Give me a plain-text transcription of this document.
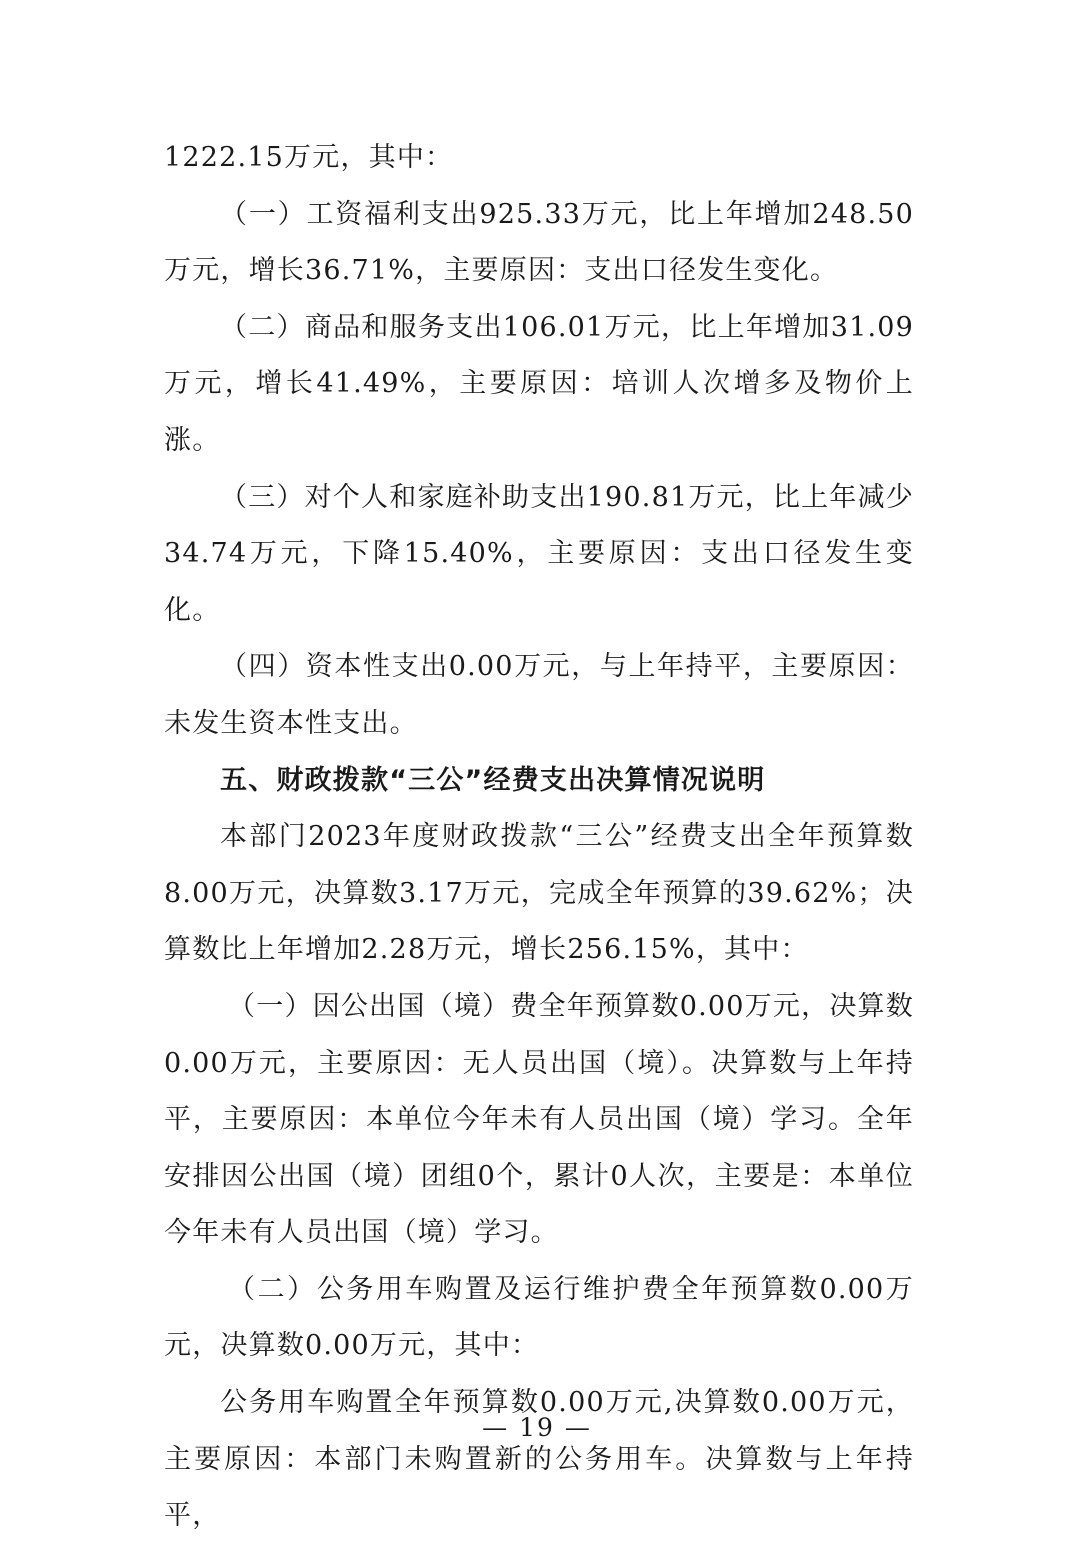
1222.15万元，其中：

（一）工资福利支出925.33万元，比上年增加248.50万元，增长36.71%，主要原因：支出口径发生变化。

（二）商品和服务支出106.01万元，比上年增加31.09万元，增长41.49%，主要原因：培训人次增多及物价上涨。

（三）对个人和家庭补助支出190.81万元，比上年减少34.74万元，下降15.40%，主要原因：支出口径发生变化。

（四）资本性支出0.00万元，与上年持平，主要原因：未发生资本性支出。

五、财政拨款“三公”经费支出决算情况说明

本部门2023年度财政拨款“三公”经费支出全年预算数8.00万元，决算数3.17万元，完成全年预算的39.62%；决算数比上年增加2.28万元，增长256.15%，其中：

（一）因公出国（境）费全年预算数0.00万元，决算数0.00万元，主要原因：无人员出国（境）。决算数与上年持平，主要原因：本单位今年未有人员出国（境）学习。全年安排因公出国（境）团组0个，累计0人次，主要是：本单位今年未有人员出国（境）学习。

（二）公务用车购置及运行维护费全年预算数0.00万元，决算数0.00万元，其中：

公务用车购置全年预算数0.00万元,决算数0.00万元，主要原因：本部门未购置新的公务用车。决算数与上年持平，

— 19 —
